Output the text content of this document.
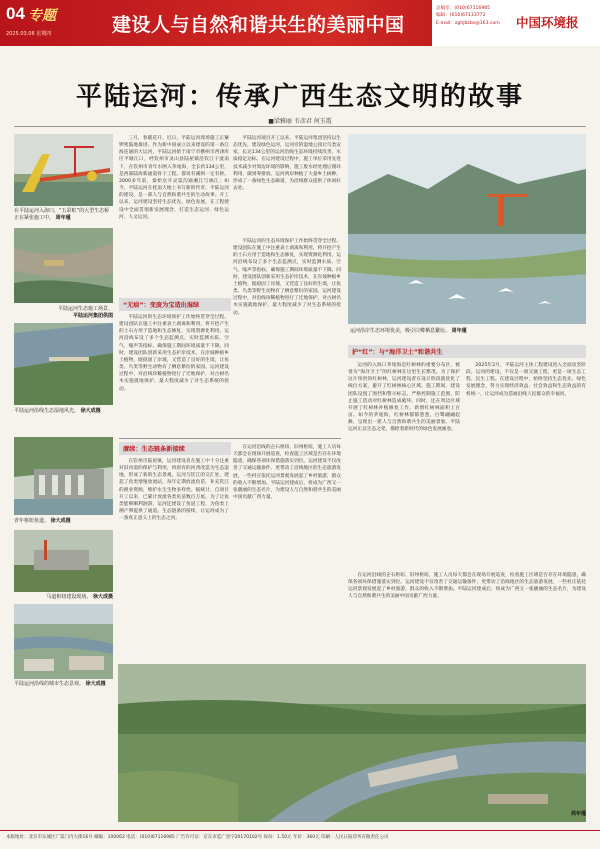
04 专题
2025.03.06 星期四	建设人与自然和谐共生的美丽中国
总编室：(010)67116985
编辑：(010)67113772
E-mail：zghjbzbs@163.com	中国环境报
平陆运河：传承广西生态文明的故事
■梁雅丽 韦彦君 何玉霞
在平陆运河入海口，“五彩虹”的大型生态桥正在紧张施工中。 周年瑾
三月，春暖花开。近日，平陆运河现场施工正紧锣密鼓地推进。作为新中国成立以来建设的第一条江海连通的大运河，平陆运河始于南宁市横州市西津库区平塘江口，经钦州市灵山县陆屋镇沿钦江干流南下，在钦州市青年水闸入茅尾海，全长约134公里，是西部陆海新通道骨干工程。都说有溪则一定有桥。2000多年前，秦始皇开灵渠沟通湘江与漓江；如今，平陆运河在桂南大地上书写新的传奇。平陆运河的建设，是一部人与自然和谐共生的生动故事。开工以来，运河建设坚持生态优先、绿色发展，在工程建设中全面贯彻新发展理念，打造生态运河、绿色运河、人文运河。
平陆运河项目开工以来，平陆运河集团坚持以生态优先，建设绿色运河，运河旁的湿地公园让鸟类安家，长达134公里的运河沿线生态环境持续改善，水质稳定达标。在运河建设过程中，施工单位采用先进技术减少对周边环境的影响，施工废水经处理后循环利用，做到零排放。运河两岸种植了大量乡土树种，形成了一条绿色生态廊道，为沿线群众提供了休闲好去处。
平陆运河生态施工场景。
平陆运河集团供图
平陆运河沿线生态湿地风光。 徐大成摄
“无痕”：变废为宝造出湿绿
平陆运河的生态环境保护工作始终贯穿全过程。建设团队在施工中注重表土剥离和利用，将开挖产生的土石方用于造地和生态修复，实现资源化利用。运河沿线布设了多个生态监测点，实时监测水质、空气、噪声等指标，确保施工期间环境质量不下降。同时，建设团队创新采用生态护岸技术，在岸坡种植乡土植物，既稳固了岸坡，又营造了良好的生境，让鱼类、鸟类等野生动物有了栖息繁衍的家园。运河建设过程中，对沿线珍稀植物进行了迁地保护，对古树名木实施就地保护，最大程度减少了对生态系统的扰动。
平陆运河的生态环境保护工作始终贯穿全过程。建设团队在施工中注重表土剥离和利用，将开挖产生的土石方用于造地和生态修复，实现资源化利用。运河沿线布设了多个生态监测点，实时监测水质、空气、噪声等指标，确保施工期间环境质量不下降。同时，建设团队创新采用生态护岸技术，在岸坡种植乡土植物，既稳固了岸坡，又营造了良好的生境，让鱼类、鸟类等野生动物有了栖息繁衍的家园。运河建设过程中，对沿线珍稀植物进行了迁地保护，对古树名木实施就地保护，最大程度减少了对生态系统的扰动。
运河沿岸生态环境优美，吸引白鹭栖息繁衍。 周年瑾
护“红”：与“海洋卫士”和谐共生
运河的入海口茅尾海是红树林的重要分布区，被誉为“海洋卫士”的红树林在这里生长繁茂。为了保护这片珍贵的红树林，运河建设者在设计阶段就优化了线位方案，避开了红树林核心区域。施工期间，建设团队设置了围挡和警示标志，严格控制施工范围，防止施工活动对红树林造成破坏。同时，还在周边区域开展了红树林补植修复工作，新增红树林面积上百亩。如今的茅尾海，红树林郁郁葱葱，白鹭翩翩起舞，呈现出一派人与自然和谐共生的美丽景象。平陆运河正以生态之笔，描绘着新时代的绿色发展画卷。
2025年2月，平陆运河主体工程建设进入全面攻坚阶段。运河的建设，不仅是一项交通工程，更是一项生态工程、民生工程。在建设过程中，始终坚持生态优先、绿色发展理念，努力实现经济效益、社会效益和生态效益的有机统一，让运河成为造福沿线人民群众的幸福河。
赓续：生态链条新接续
在钦州市陆屋镇，运河建设者在施工中十分注重对旧河道的保护与利用，将原有的河湾改造为生态湿地，形成了新的生态景观。运河与钦江的交汇处，建起了鱼类增殖放流站，每年定期放流鱼苗，补充钦江的渔业资源，维护水生生物多样性。据统计，自项目开工以来，已累计放流各类鱼苗数百万尾。为了让鱼类能够顺利洄游，运河还建设了鱼道工程，为鱼类上溯产卵提供了通道。生态链条的接续，让运河成为了一条真正意义上的生态之河。
在运河沿线的企石枢纽、旧州枢纽，施工人员每天都会在现场开展巡查，检查施工区域是否存在环境隐患，确保各项环保措施落实到位。运河建设不仅改善了交通运输条件，更带动了沿线地区的生态旅游发展，一些村庄依托运河景观发展起了乡村旅游，群众的收入不断增加。平陆运河建成后，将成为广西又一张靓丽的生态名片，为建设人与自然和谐共生的美丽中国贡献广西力量。
在运河沿线的企石枢纽、旧州枢纽，施工人员每天都会在现场开展巡查，检查施工区域是否存在环境隐患，确保各项环保措施落实到位。运河建设不仅改善了交通运输条件，更带动了沿线地区的生态旅游发展，一些村庄依托运河景观发展起了乡村旅游，群众的收入不断增加。平陆运河建成后，将成为广西又一张靓丽的生态名片，为建设人与自然和谐共生的美丽中国贡献广西力量。
青年枢纽鱼道。 徐大成摄
马道枢纽建设现场。 徐大成摄
平陆运河沿线的城市生态景观。 徐大成摄
周年瑾
本版地址：北京市东城区广渠门内大街16号 邮编：100062 电话：(010)67116985 广告许可证：京东市监广登字20170102号 每份：1.50元 年价：360元 印刷：人民日报印务有限责任公司
